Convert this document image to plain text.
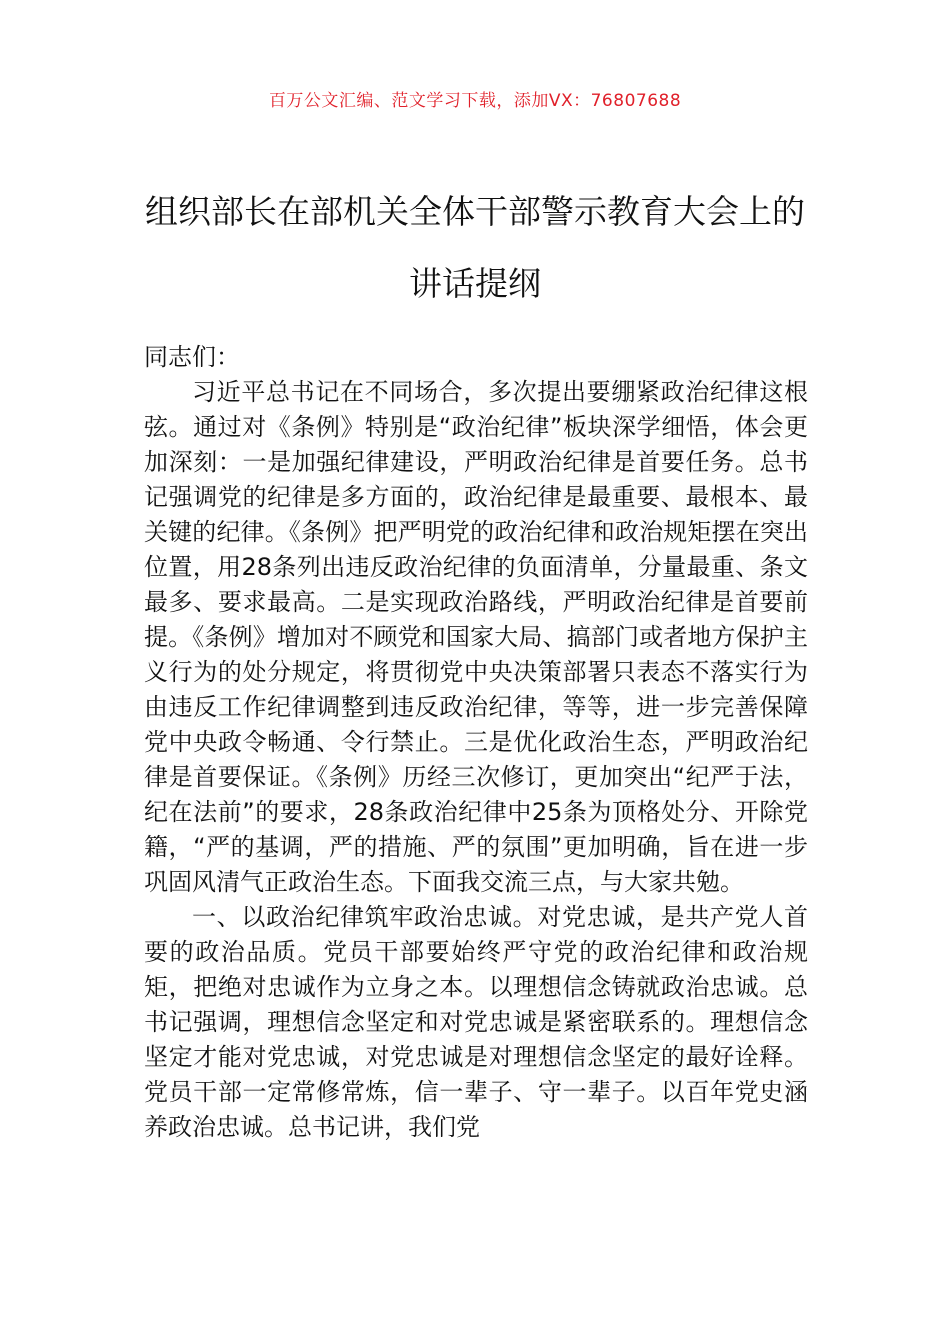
百万公文汇编、范文学习下载，添加VX：76807688
组织部长在部机关全体干部警示教育大会上的讲话提纲

同志们：

习近平总书记在不同场合，多次提出要绷紧政治纪律这根弦。通过对《条例》特别是“政治纪律”板块深学细悟，体会更加深刻：一是加强纪律建设，严明政治纪律是首要任务。总书记强调党的纪律是多方面的，政治纪律是最重要、最根本、最关键的纪律。《条例》把严明党的政治纪律和政治规矩摆在突出位置，用28条列出违反政治纪律的负面清单，分量最重、条文最多、要求最高。二是实现政治路线，严明政治纪律是首要前提。《条例》增加对不顾党和国家大局、搞部门或者地方保护主义行为的处分规定，将贯彻党中央决策部署只表态不落实行为由违反工作纪律调整到违反政治纪律，等等，进一步完善保障党中央政令畅通、令行禁止。三是优化政治生态，严明政治纪律是首要保证。《条例》历经三次修订，更加突出“纪严于法，纪在法前”的要求，28条政治纪律中25条为顶格处分、开除党籍，“严的基调，严的措施、严的氛围”更加明确，旨在进一步巩固风清气正政治生态。下面我交流三点，与大家共勉。

一、以政治纪律筑牢政治忠诚。对党忠诚，是共产党人首要的政治品质。党员干部要始终严守党的政治纪律和政治规矩，把绝对忠诚作为立身之本。以理想信念铸就政治忠诚。总书记强调，理想信念坚定和对党忠诚是紧密联系的。理想信念坚定才能对党忠诚，对党忠诚是对理想信念坚定的最好诠释。党员干部一定常修常炼，信一辈子、守一辈子。以百年党史涵养政治忠诚。总书记讲，我们党
